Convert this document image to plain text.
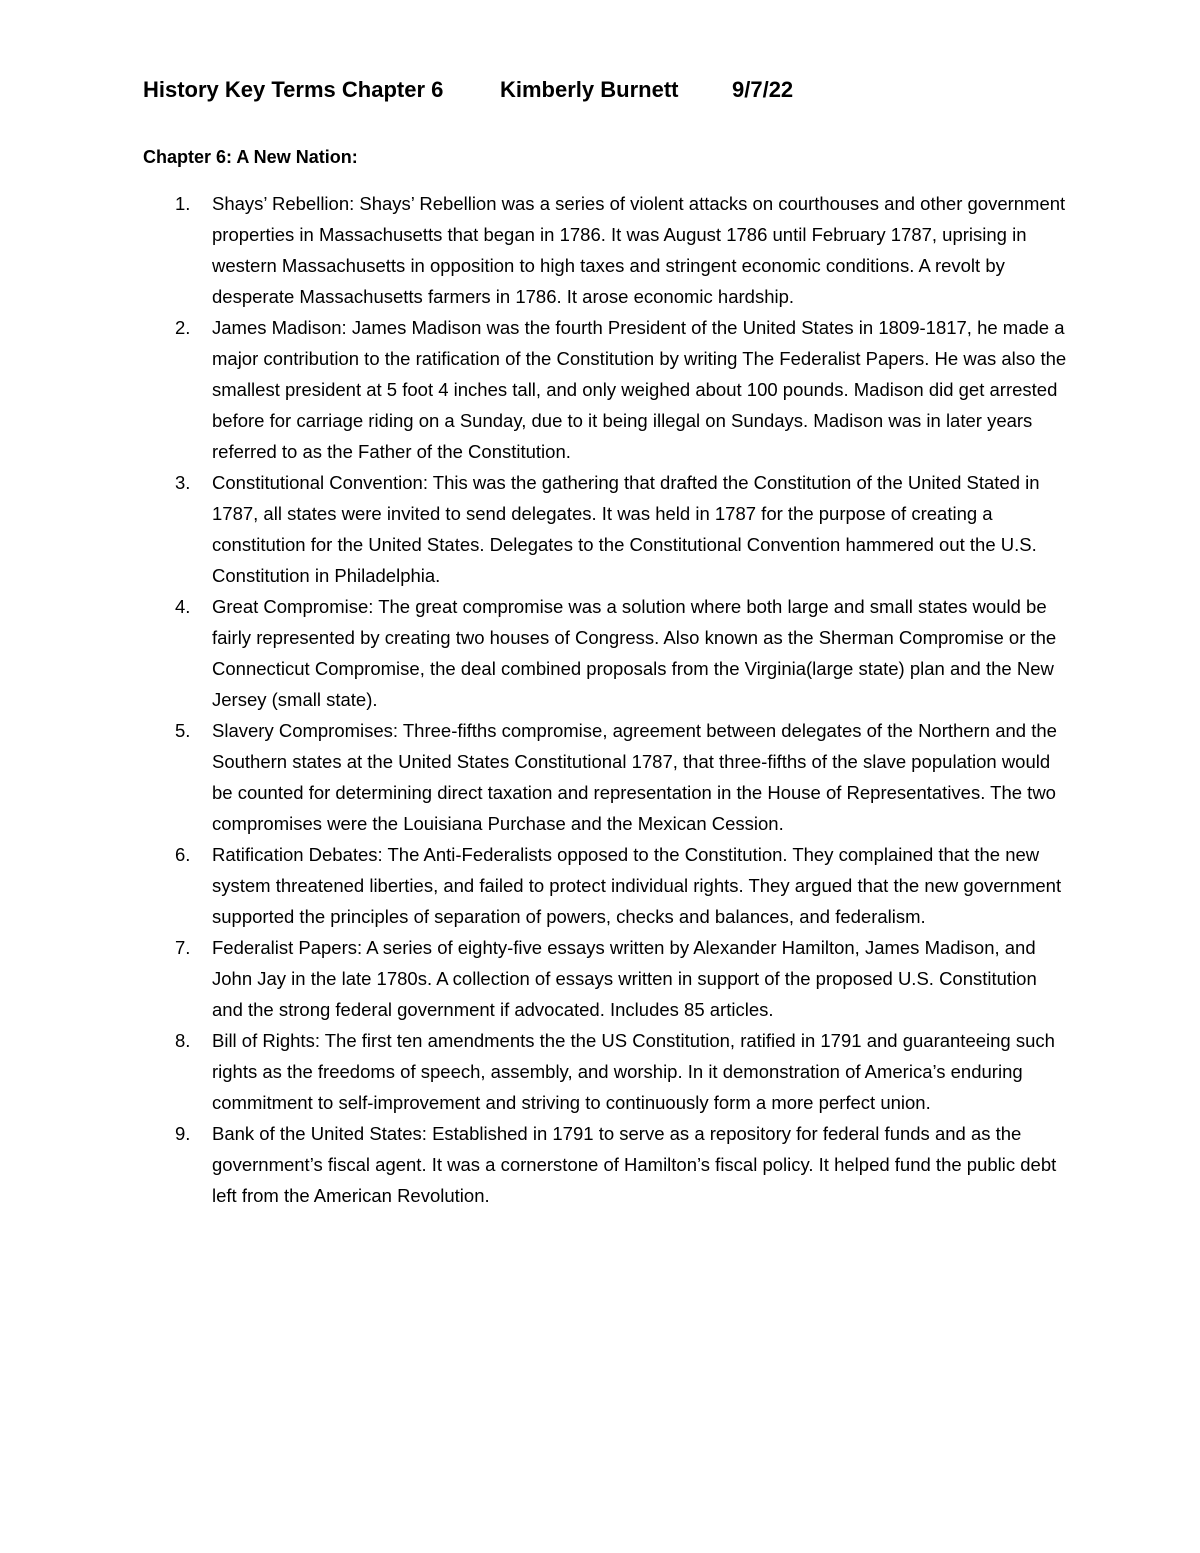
History Key Terms Chapter 6	Kimberly Burnett 9/7/22
Chapter 6: A New Nation:
1.	Shays’ Rebellion: Shays’ Rebellion was a series of violent attacks on courthouses and other government properties in Massachusetts that began in 1786. It was August 1786 until February 1787, uprising in western Massachusetts in opposition to high taxes and stringent economic conditions. A revolt by desperate Massachusetts farmers in 1786. It arose economic hardship.
2.	James Madison: James Madison was the fourth President of the United States in 1809-1817, he made a major contribution to the ratification of the Constitution by writing The Federalist Papers. He was also the smallest president at 5 foot 4 inches tall, and only weighed about 100 pounds. Madison did get arrested before for carriage riding on a Sunday, due to it being illegal on Sundays. Madison was in later years referred to as the Father of the Constitution.
3.	Constitutional Convention: This was the gathering that drafted the Constitution of the United Stated in 1787, all states were invited to send delegates. It was held in 1787 for the purpose of creating a constitution for the United States. Delegates to the Constitutional Convention hammered out the U.S. Constitution in Philadelphia.
4.	Great Compromise: The great compromise was a solution where both large and small states would be fairly represented by creating two houses of Congress. Also known as the Sherman Compromise or the Connecticut Compromise, the deal combined proposals from the Virginia(large state) plan and the New Jersey (small state).
5.	Slavery Compromises: Three-fifths compromise, agreement between delegates of the Northern and the Southern states at the United States Constitutional 1787, that three-fifths of the slave population would be counted for determining direct taxation and representation in the House of Representatives. The two compromises were the Louisiana Purchase and the Mexican Cession.
6.	Ratification Debates: The Anti-Federalists opposed to the Constitution. They complained that the new system threatened liberties, and failed to protect individual rights. They argued that the new government supported the principles of separation of powers, checks and balances, and federalism.
7.	Federalist Papers: A series of eighty-five essays written by Alexander Hamilton, James Madison, and John Jay in the late 1780s. A collection of essays written in support of the proposed U.S. Constitution and the strong federal government if advocated. Includes 85 articles.
8.	Bill of Rights: The first ten amendments the the US Constitution, ratified in 1791 and guaranteeing such rights as the freedoms of speech, assembly, and worship. In it demonstration of America’s enduring commitment to self-improvement and striving to continuously form a more perfect union.
9.	Bank of the United States: Established in 1791 to serve as a repository for federal funds and as the government’s fiscal agent. It was a cornerstone of Hamilton’s fiscal policy. It helped fund the public debt left from the American Revolution.
